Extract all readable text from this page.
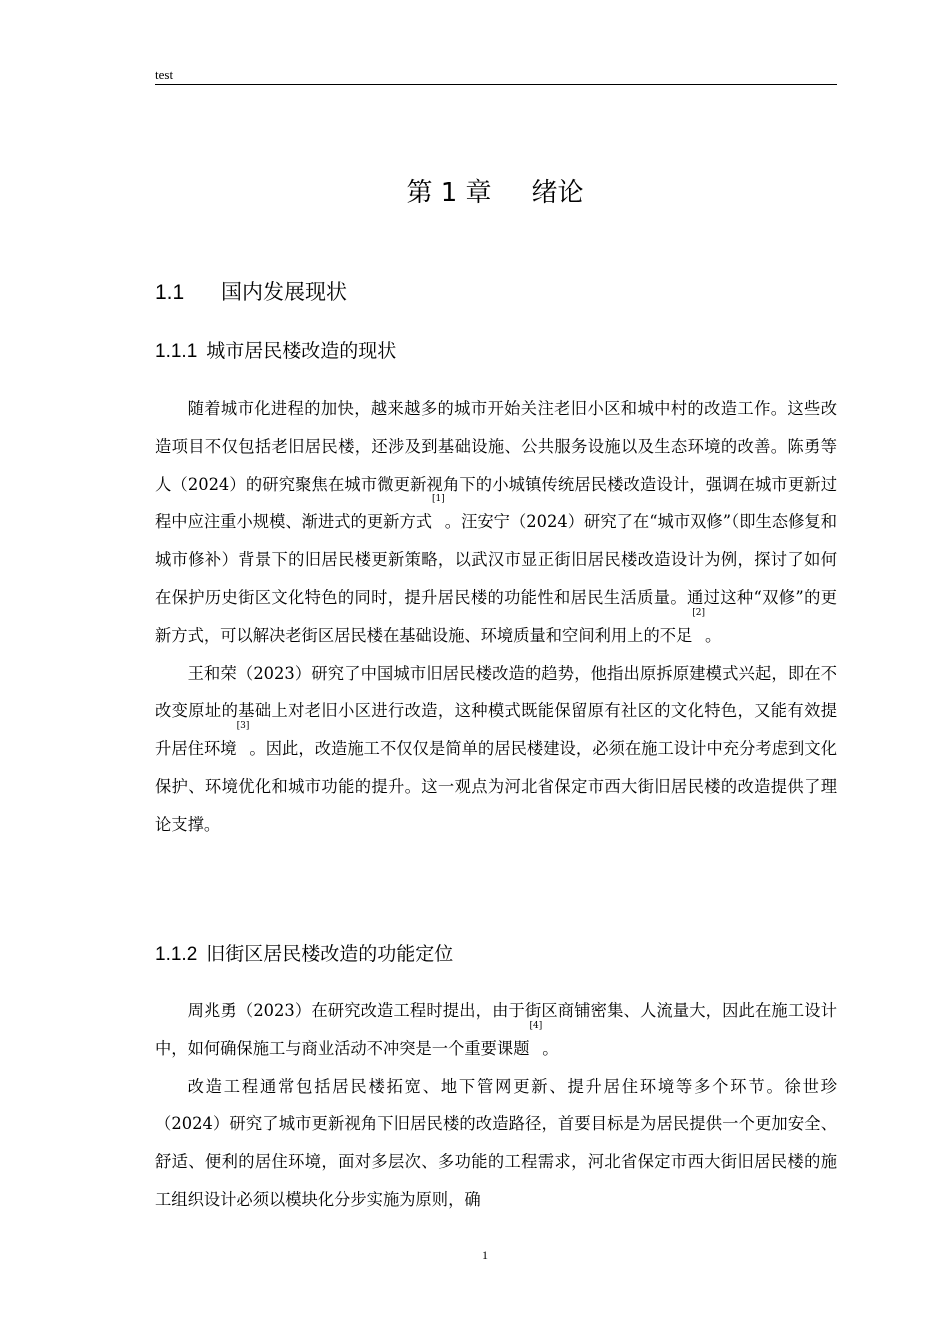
test
第 1 章 绪论
1.1 国内发展现状
1.1.1 城市居民楼改造的现状

随着城市化进程的加快，越来越多的城市开始关注老旧小区和城中村的改造工作。这些改造项目不仅包括老旧居民楼，还涉及到基础设施、公共服务设施以及生态环境的改善。陈勇等人（2024）的研究聚焦在城市微更新视角下的小城镇传统居民楼改造设计，强调在城市更新过程中应注重小规模、渐进式的更新方式[1]。汪安宁（2024）研究了在“城市双修”（即生态修复和城市修补）背景下的旧居民楼更新策略，以武汉市显正街旧居民楼改造设计为例，探讨了如何在保护历史街区文化特色的同时，提升居民楼的功能性和居民生活质量。通过这种“双修”的更新方式，可以解决老街区居民楼在基础设施、环境质量和空间利用上的不足[2]。

王和荣（2023）研究了中国城市旧居民楼改造的趋势，他指出原拆原建模式兴起，即在不改变原址的基础上对老旧小区进行改造，这种模式既能保留原有社区的文化特色，又能有效提升居住环境[3]。因此，改造施工不仅仅是简单的居民楼建设，必须在施工设计中充分考虑到文化保护、环境优化和城市功能的提升。这一观点为河北省保定市西大街旧居民楼的改造提供了理论支撑。

1.1.2 旧街区居民楼改造的功能定位

周兆勇（2023）在研究改造工程时提出，由于街区商铺密集、人流量大，因此在施工设计中，如何确保施工与商业活动不冲突是一个重要课题[4]。

改造工程通常包括居民楼拓宽、地下管网更新、提升居住环境等多个环节。徐世珍（2024）研究了城市更新视角下旧居民楼的改造路径，首要目标是为居民提供一个更加安全、舒适、便利的居住环境，面对多层次、多功能的工程需求，河北省保定市西大街旧居民楼的施工组织设计必须以模块化分步实施为原则，确

1
